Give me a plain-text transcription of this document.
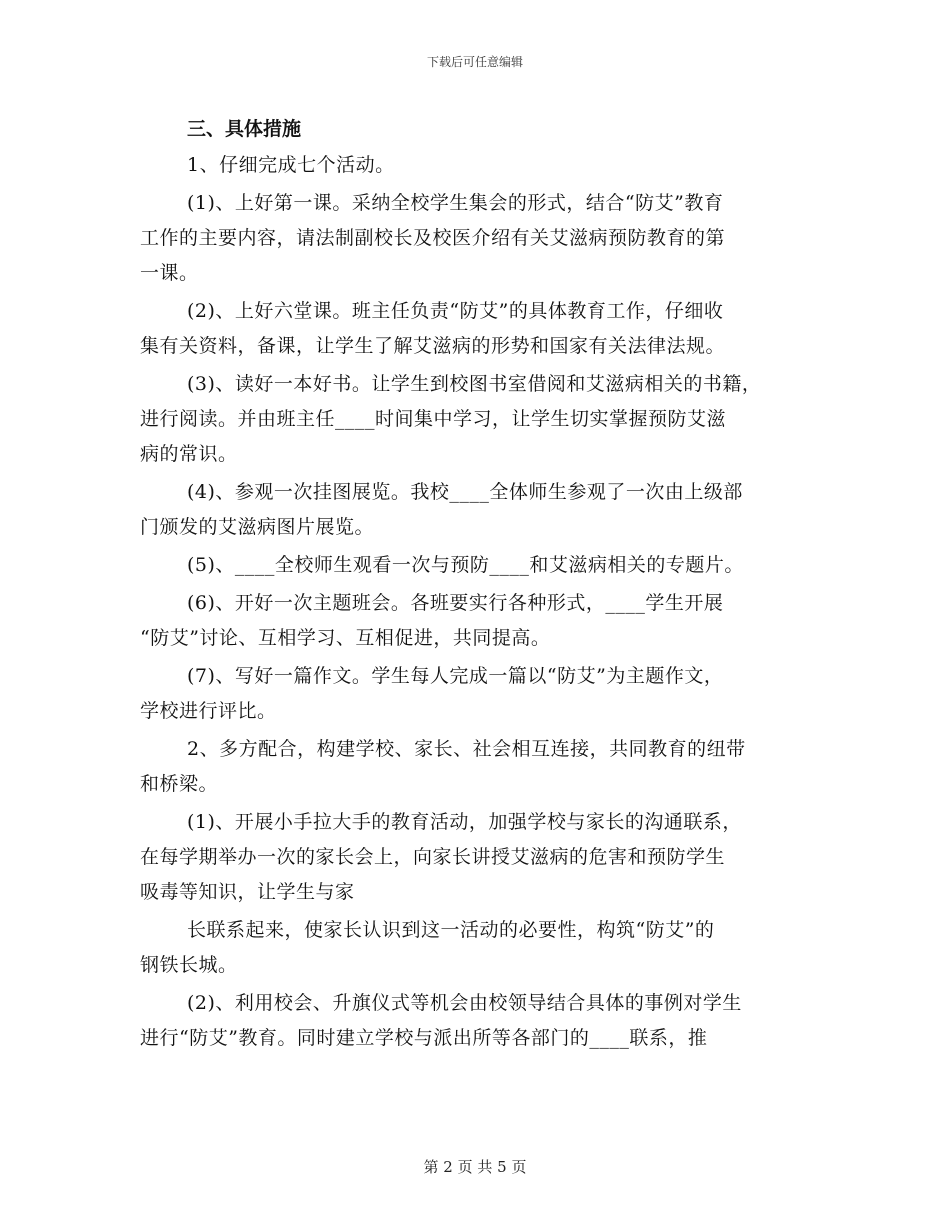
下载后可任意编辑
三、具体措施
1、仔细完成七个活动。
(1)、上好第一课。采纳全校学生集会的形式，结合“防艾”教育
工作的主要内容，请法制副校长及校医介绍有关艾滋病预防教育的第
一课。
(2)、上好六堂课。班主任负责“防艾”的具体教育工作，仔细收
集有关资料，备课，让学生了解艾滋病的形势和国家有关法律法规。
(3)、读好一本好书。让学生到校图书室借阅和艾滋病相关的书籍，
进行阅读。并由班主任____时间集中学习，让学生切实掌握预防艾滋
病的常识。
(4)、参观一次挂图展览。我校____全体师生参观了一次由上级部
门颁发的艾滋病图片展览。
(5)、____全校师生观看一次与预防____和艾滋病相关的专题片。
(6)、开好一次主题班会。各班要实行各种形式，____学生开展
“防艾”讨论、互相学习、互相促进，共同提高。
(7)、写好一篇作文。学生每人完成一篇以“防艾”为主题作文，
学校进行评比。
2、多方配合，构建学校、家长、社会相互连接，共同教育的纽带
和桥梁。
(1)、开展小手拉大手的教育活动，加强学校与家长的沟通联系，
在每学期举办一次的家长会上，向家长讲授艾滋病的危害和预防学生
吸毒等知识，让学生与家
长联系起来，使家长认识到这一活动的必要性，构筑“防艾”的
钢铁长城。
(2)、利用校会、升旗仪式等机会由校领导结合具体的事例对学生
进行“防艾”教育。同时建立学校与派出所等各部门的____联系，推
第 2 页 共 5 页
